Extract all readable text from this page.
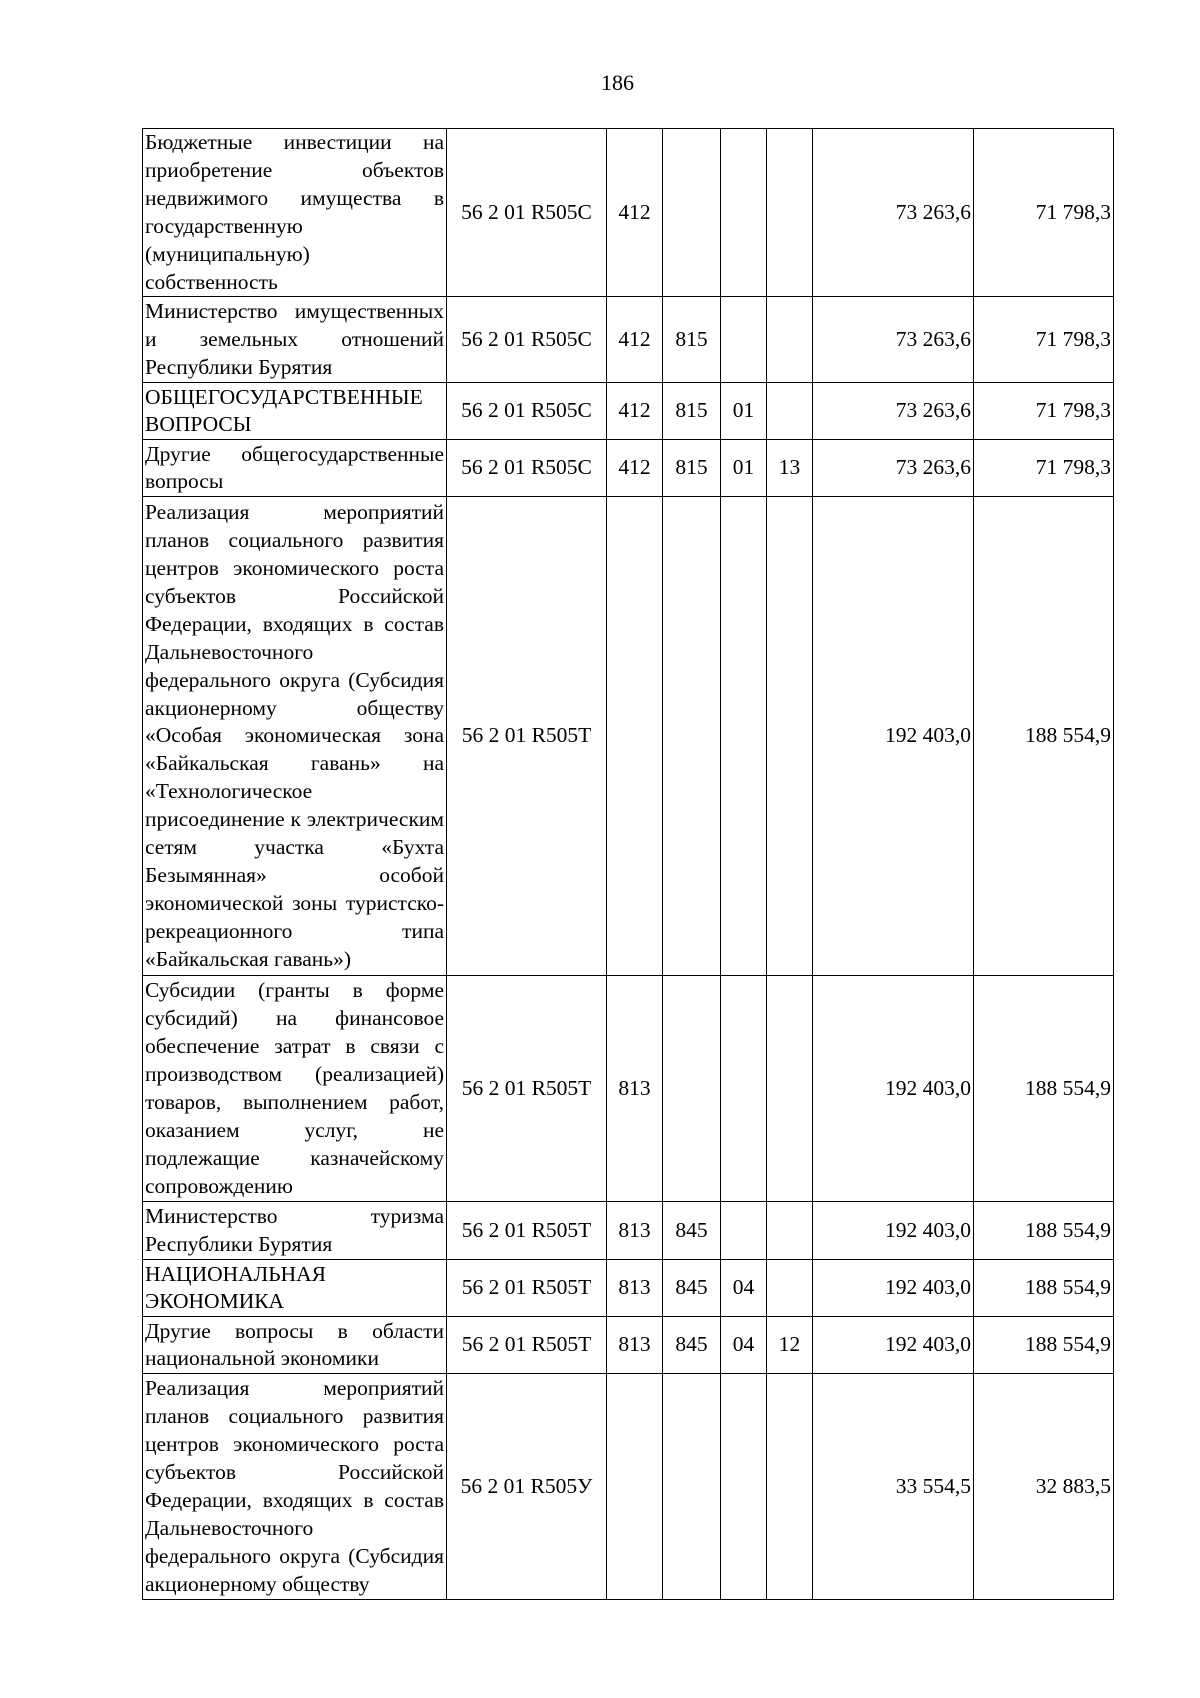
186
Бюджетные инвестиции на приобретение объектов недвижимого имущества в государственную (муниципальную) собственность	56 2 01 R505С	412				73 263,6	71 798,3

Министерство имущественных и земельных отношений Республики Бурятия	56 2 01 R505С	412	815			73 263,6	71 798,3

ОБЩЕГОСУДАРСТВЕННЫЕ ВОПРОСЫ	56 2 01 R505С	412	815	01		73 263,6	71 798,3

Другие общегосударственные вопросы	56 2 01 R505С	412	815	01	13	73 263,6	71 798,3

Реализация мероприятий планов социального развития центров экономического роста субъектов Российской Федерации, входящих в состав Дальневосточного федерального округа (Субсидия акционерному обществу «Особая экономическая зона «Байкальская гавань» на «Технологическое присоединение к электрическим сетям участка «Бухта Безымянная» особой экономической зоны туристско-рекреационного типа «Байкальская гавань»)	56 2 01 R505Т					192 403,0	188 554,9

Субсидии (гранты в форме субсидий) на финансовое обеспечение затрат в связи с производством (реализацией) товаров, выполнением работ, оказанием услуг, не подлежащие казначейскому сопровождению	56 2 01 R505Т	813				192 403,0	188 554,9

Министерство туризма Республики Бурятия	56 2 01 R505Т	813	845			192 403,0	188 554,9

НАЦИОНАЛЬНАЯ ЭКОНОМИКА	56 2 01 R505Т	813	845	04		192 403,0	188 554,9

Другие вопросы в области национальной экономики	56 2 01 R505Т	813	845	04	12	192 403,0	188 554,9

Реализация мероприятий планов социального развития центров экономического роста субъектов Российской Федерации, входящих в состав Дальневосточного федерального округа (Субсидия акционерному обществу	56 2 01 R505У					33 554,5	32 883,5
